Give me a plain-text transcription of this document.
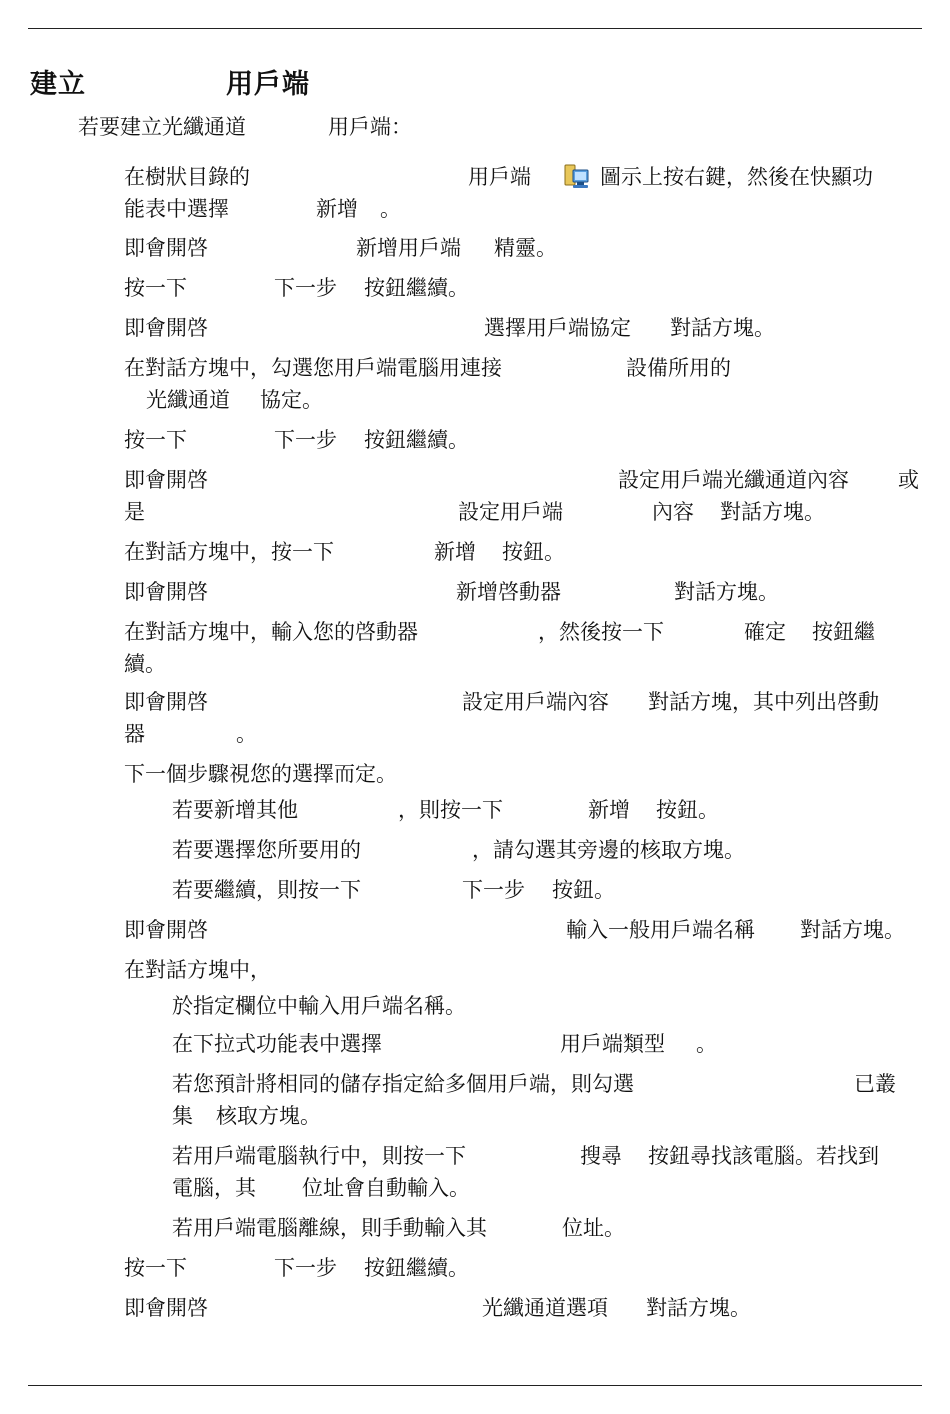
建立	用戶端
若要建立光纖通道	用戶端：
在樹狀目錄的	用戶端	圖示上按右鍵，然後在快顯功
能表中選擇	新增 。
即會開啓	新增用戶端 精靈。
按一下	下一步 按鈕繼續。
即會開啓	選擇用戶端協定 對話方塊。
在對話方塊中，勾選您用戶端電腦用連接	設備所用的
光纖通道 協定。
按一下	下一步 按鈕繼續。
即會開啓	設定用戶端光纖通道內容 或
是	設定用戶端	內容 對話方塊。
在對話方塊中，按一下	新增 按鈕。
即會開啓	新增啓動器	對話方塊。
在對話方塊中，輸入您的啓動器	，然後按一下	確定 按鈕繼
續。
即會開啓	設定用戶端內容 對話方塊，其中列出啓動
器	。
下一個步驟視您的選擇而定。
若要新增其他	，則按一下	新增 按鈕。
若要選擇您所要用的	，請勾選其旁邊的核取方塊。
若要繼續，則按一下	下一步 按鈕。
即會開啓	輸入一般用戶端名稱 對話方塊。
在對話方塊中，
於指定欄位中輸入用戶端名稱。
在下拉式功能表中選擇	用戶端類型 。
若您預計將相同的儲存指定給多個用戶端，則勾選	已叢
集 核取方塊。
若用戶端電腦執行中，則按一下	搜尋 按鈕尋找該電腦。若找到
電腦，其 位址會自動輸入。
若用戶端電腦離線，則手動輸入其	位址。
按一下	下一步 按鈕繼續。
即會開啓	光纖通道選項 對話方塊。
